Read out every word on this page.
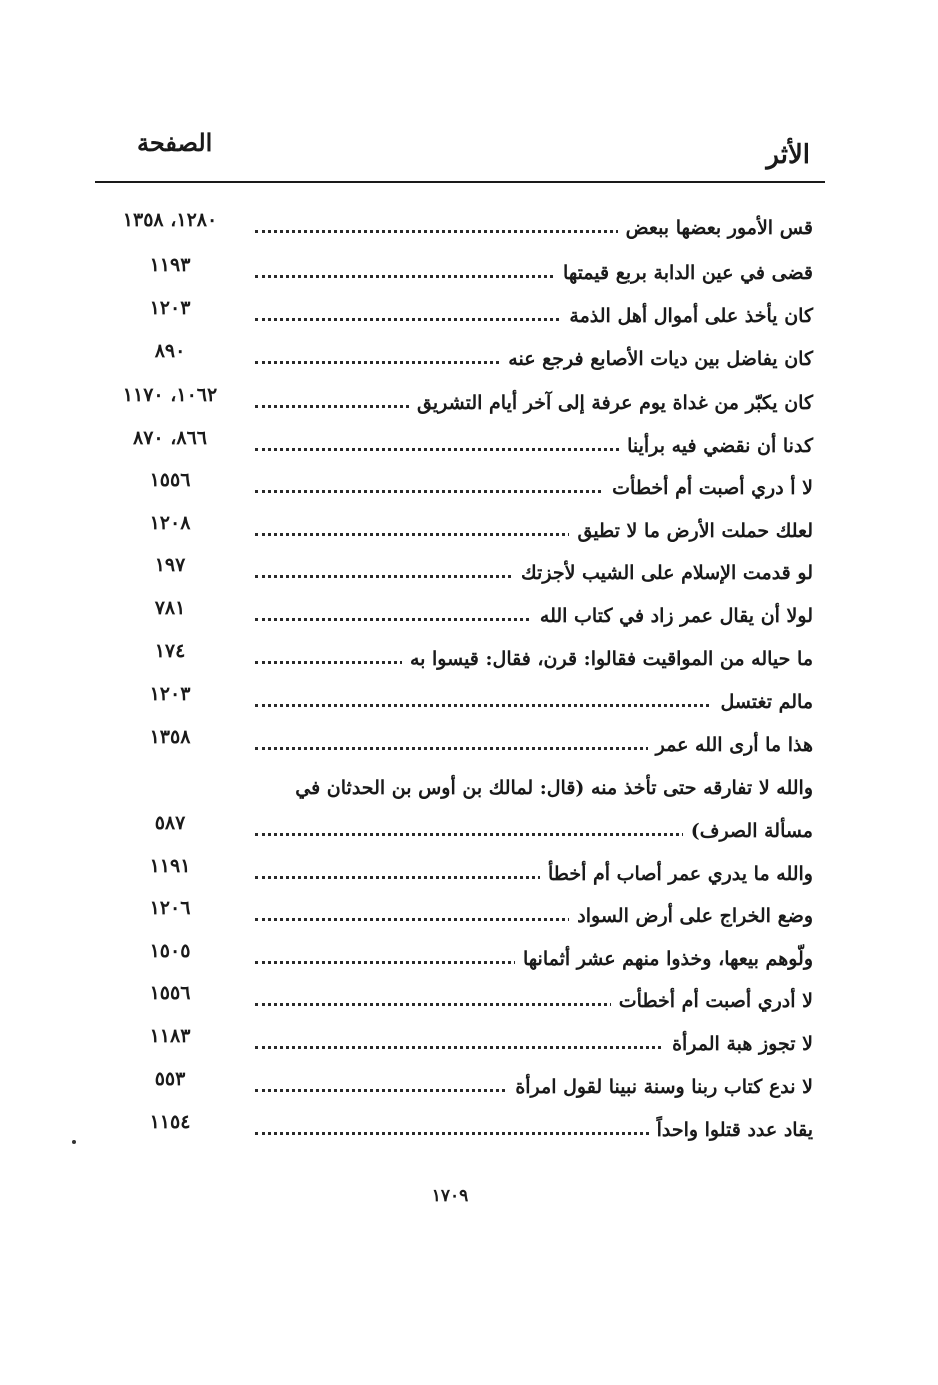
الأثر
الصفحة
قس الأمور بعضها ببعض
١٢٨٠، ١٣٥٨
قضى في عين الدابة بربع قيمتها
١١٩٣
كان يأخذ على أموال أهل الذمة
١٢٠٣
كان يفاضل بين ديات الأصابع فرجع عنه
٨٩٠
كان يكبّر من غداة يوم عرفة إلى آخر أيام التشريق
١٠٦٢، ١١٧٠
كدنا أن نقضي فيه برأينا
٨٦٦، ٨٧٠
لا أ دري أصبت أم أخطأت
١٥٥٦
لعلك حملت الأرض ما لا تطيق
١٢٠٨
لو قدمت الإسلام على الشيب لأجزتك
١٩٧
لولا أن يقال عمر زاد في كتاب الله
٧٨١
ما حياله من المواقيت فقالوا: قرن، فقال: قيسوا به
١٧٤
مالم تغتسل
١٢٠٣
هذا ما أرى الله عمر
١٣٥٨
والله لا تفارقه حتى تأخذ منه (قال: لمالك بن أوس بن الحدثان في
مسألة الصرف)
٥٨٧
والله ما يدري عمر أصاب أم أخطأ
١١٩١
وضع الخراج على أرض السواد
١٢٠٦
ولّوهم بيعها، وخذوا منهم عشر أثمانها
١٥٠٥
لا أدري أصبت أم أخطأت
١٥٥٦
لا تجوز هبة المرأة
١١٨٣
لا ندع كتاب ربنا وسنة نبينا لقول امرأة
٥٥٣
يقاد عدد قتلوا واحداً
١١٥٤
١٧٠٩
